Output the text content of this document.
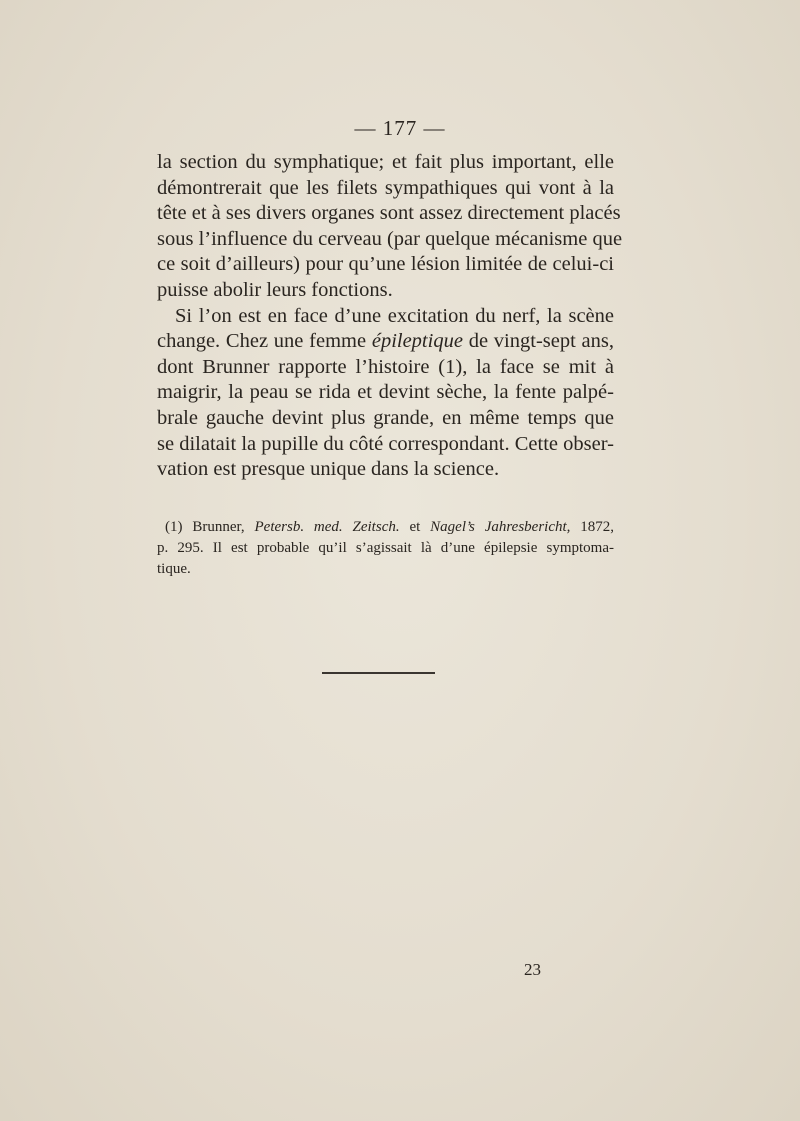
— 177 —
la section du symphatique; et fait plus important, elle
démontrerait que les filets sympathiques qui vont à la
tête et à ses divers organes sont assez directement placés
sous l’influence du cerveau (par quelque mécanisme que
ce soit d’ailleurs) pour qu’une lésion limitée de celui-ci
puisse abolir leurs fonctions.
Si l’on est en face d’une excitation du nerf, la scène
change. Chez une femme épileptique de vingt-sept ans,
dont Brunner rapporte l’histoire (1), la face se mit à
maigrir, la peau se rida et devint sèche, la fente palpé-
brale gauche devint plus grande, en même temps que
se dilatait la pupille du côté correspondant. Cette obser-
vation est presque unique dans la science.
(1) Brunner, Petersb. med. Zeitsch. et Nagel’s Jahresbericht, 1872,
p. 295. Il est probable qu’il s’agissait là d’une épilepsie symptoma-
tique.
23
